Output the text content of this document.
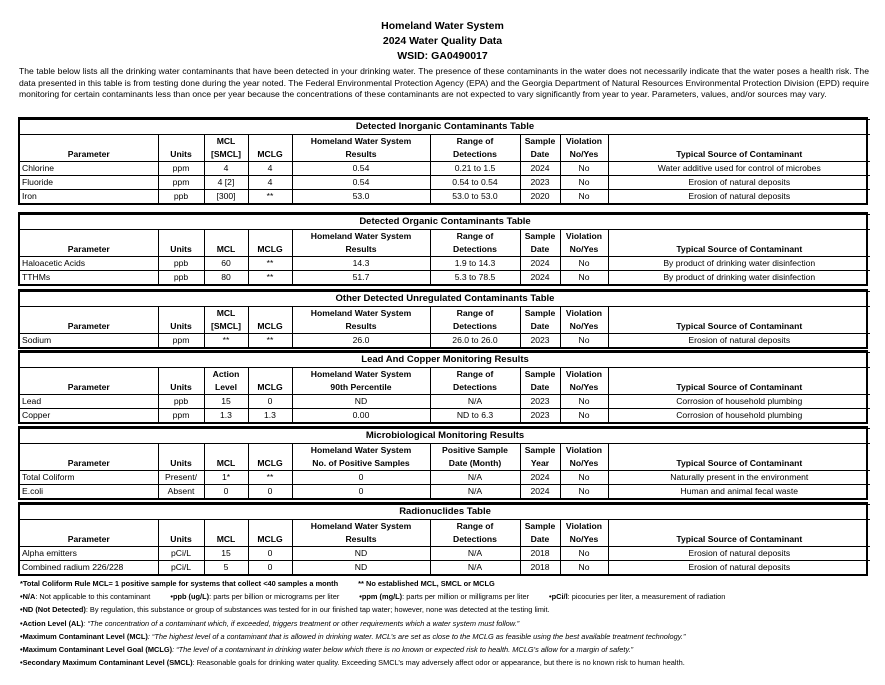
Homeland Water System
2024 Water Quality Data
WSID: GA0490017
The table below lists all the drinking water contaminants that have been detected in your drinking water. The presence of these contaminants in the water does not necessarily indicate that the water poses a health risk. The data presented in this table is from testing done during the year noted. The Federal Environmental Protection Agency (EPA) and the Georgia Department of Natural Resources Environmental Protection Division (EPD) require monitoring for certain contaminants less than once per year because the concentrations of these contaminants are not expected to vary significantly from year to year. Parameters, values, and/or sources may vary.
Detected Inorganic Contaminants Table								
		MCL		Homeland Water System	Range of	Sample	Violation	
Parameter	Units	[SMCL]	MCLG	Results	Detections	Date	No/Yes	Typical Source of Contaminant
Chlorine	ppm	4	4	0.54	0.21 to 1.5	2024	No	Water additive used for control of microbes
Fluoride	ppm	4 [2]	4	0.54	0.54 to 0.54	2023	No	Erosion of natural deposits
Iron	ppb	[300]	**	53.0	53.0 to 53.0	2020	No	Erosion of natural deposits
Detected Organic Contaminants Table								
				Homeland Water System	Range of	Sample	Violation	
Parameter	Units	MCL	MCLG	Results	Detections	Date	No/Yes	Typical Source of Contaminant
Haloacetic Acids	ppb	60	**	14.3	1.9 to 14.3	2024	No	By product of drinking water disinfection
TTHMs	ppb	80	**	51.7	5.3 to 78.5	2024	No	By product of drinking water disinfection
Other Detected Unregulated Contaminants Table								
		MCL		Homeland Water System	Range of	Sample	Violation	
Parameter	Units	[SMCL]	MCLG	Results	Detections	Date	No/Yes	Typical Source of Contaminant
Sodium	ppm	**	**	26.0	26.0 to 26.0	2023	No	Erosion of natural deposits
Lead And Copper Monitoring Results								
		Action		Homeland Water System	Range of	Sample	Violation	
Parameter	Units	Level	MCLG	90th Percentile	Detections	Date	No/Yes	Typical Source of Contaminant
Lead	ppb	15	0	ND	N/A	2023	No	Corrosion of household plumbing
Copper	ppm	1.3	1.3	0.00	ND to 6.3	2023	No	Corrosion of household plumbing
Microbiological Monitoring Results								
				Homeland Water System	Positive Sample	Sample	Violation	
Parameter	Units	MCL	MCLG	No. of Positive Samples	Date (Month)	Year	No/Yes	Typical Source of Contaminant
Total Coliform	Present/	1*	**	0	N/A	2024	No	Naturally present in the environment
E.coli	Absent	0	0	0	N/A	2024	No	Human and animal fecal waste
Radionuclides Table								
				Homeland Water System	Range of	Sample	Violation	
Parameter	Units	MCL	MCLG	Results	Detections	Date	No/Yes	Typical Source of Contaminant
Alpha emitters	pCi/L	15	0	ND	N/A	2018	No	Erosion of natural deposits
Combined radium 226/228	pCi/L	5	0	ND	N/A	2018	No	Erosion of natural deposits
*Total Coliform Rule MCL= 1 positive sample for systems that collect <40 samples a month	** No established MCL, SMCL or MCLG
•N/A: Not applicable to this contaminant	•ppb (ug/L): parts per billion or micrograms per liter	•ppm (mg/L): parts per million or milligrams per liter	•pCi/l: picocuries per liter, a measurement of radiation
•ND (Not Detected): By regulation, this substance or group of substances was tested for in our finished tap water; however, none was detected at the testing limit.
•Action Level (AL): “The concentration of a contaminant which, if exceeded, triggers treatment or other requirements which a water system must follow.”
•Maximum Contaminant Level (MCL): “The highest level of a contaminant that is allowed in drinking water. MCL’s are set as close to the MCLG as feasible using the best available treatment technology.”
•Maximum Contaminant Level Goal (MCLG): “The level of a contaminant in drinking water below which there is no known or expected risk to health. MCLG’s allow for a margin of safety.”
•Secondary Maximum Contaminant Level (SMCL): Reasonable goals for drinking water quality. Exceeding SMCL’s may adversely affect odor or appearance, but there is no known risk to human health.
